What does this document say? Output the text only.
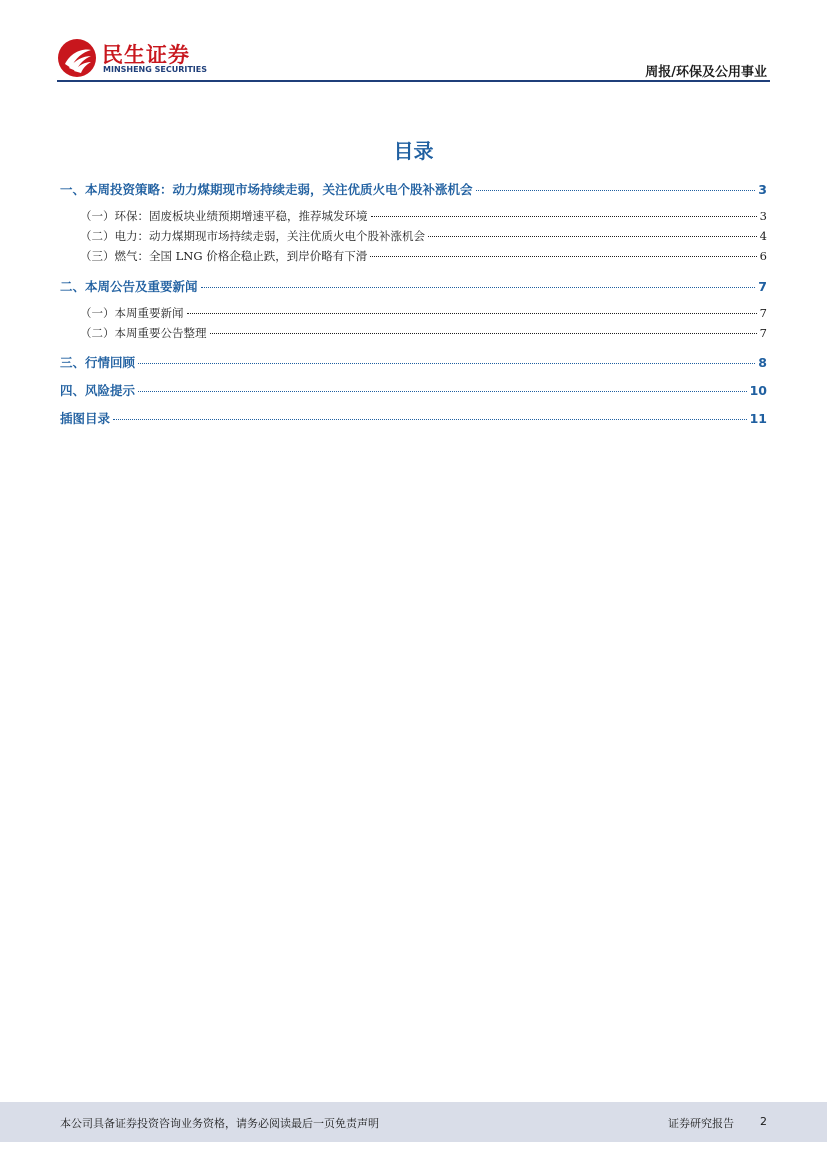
民生证券
MINSHENG SECURITIES	周报/环保及公用事业
目录
一、本周投资策略：动力煤期现市场持续走弱，关注优质火电个股补涨机会	3
（一）环保：固废板块业绩预期增速平稳，推荐城发环境	3
（二）电力：动力煤期现市场持续走弱，关注优质火电个股补涨机会	4
（三）燃气：全国 LNG 价格企稳止跌，到岸价略有下滑	6
二、本周公告及重要新闻	7
（一）本周重要新闻	7
（二）本周重要公告整理	7
三、行情回顾	8
四、风险提示	10
插图目录	11
本公司具备证券投资咨询业务资格，请务必阅读最后一页免责声明	证券研究报告 2
